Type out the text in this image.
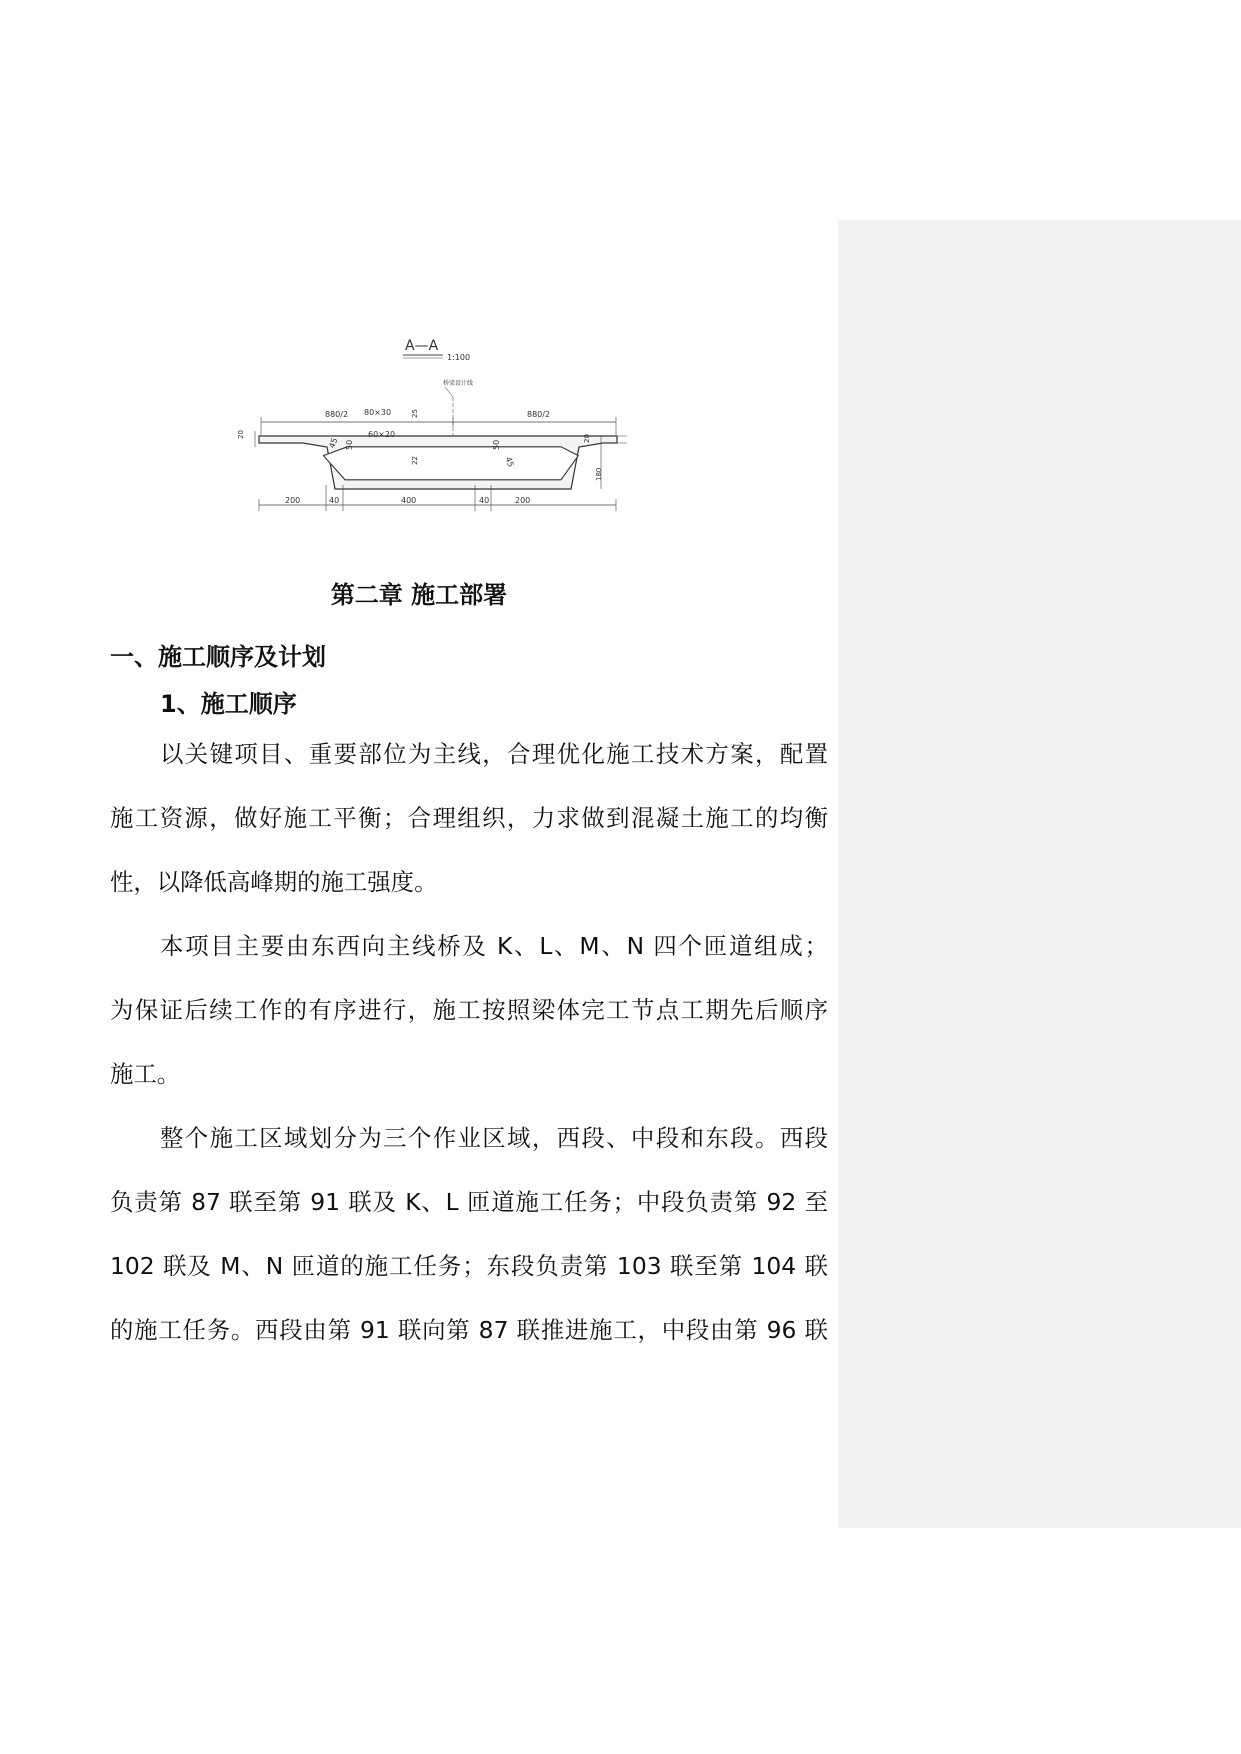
A—A
1:100
桥梁设计线
880/2	880/2
50	50
25
45
45
80×30
60×20
22
20	20
180
200	40	400	40	200
第二章 施工部署
一、施工顺序及计划
1、施工顺序

以关键项目、重要部位为主线，合理优化施工技术方案，配置
施工资源，做好施工平衡；合理组织，力求做到混凝土施工的均衡
性，以降低高峰期的施工强度。

本项目主要由东西向主线桥及 K、L、M、N 四个匝道组成；
为保证后续工作的有序进行，施工按照梁体完工节点工期先后顺序
施工。

整个施工区域划分为三个作业区域，西段、中段和东段。西段
负责第 87 联至第 91 联及 K、L 匝道施工任务；中段负责第 92 至
102 联及 M、N 匝道的施工任务；东段负责第 103 联至第 104 联
的施工任务。西段由第 91 联向第 87 联推进施工，中段由第 96 联
